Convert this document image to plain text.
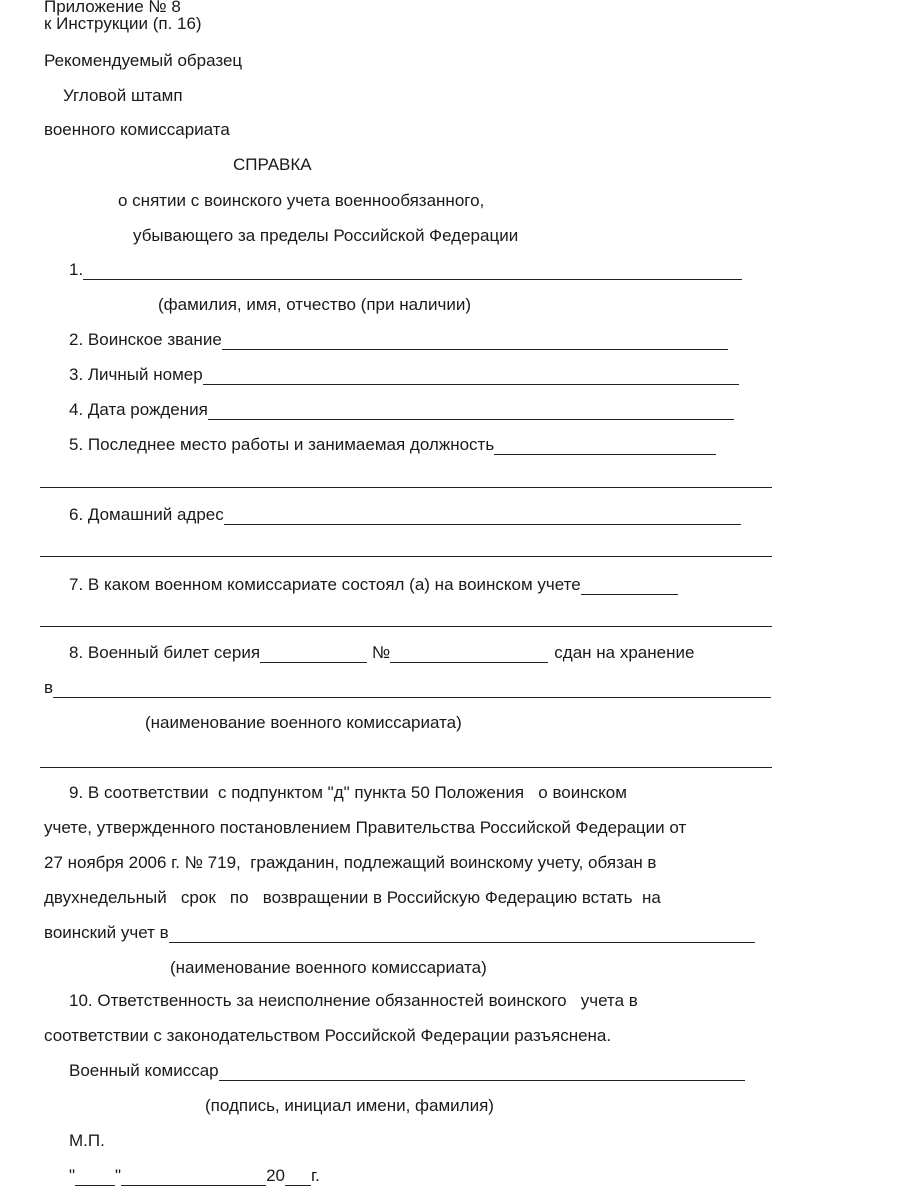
Приложение № 8
к Инструкции (п. 16)
Рекомендуемый образец
Угловой штамп
военного комиссариата
СПРАВКА
о снятии с воинского учета военнообязанного,
убывающего за пределы Российской Федерации
1.
(фамилия, имя, отчество (при наличии)
2. Воинское звание
3. Личный номер
4. Дата рождения
5. Последнее место работы и занимаемая должность
6. Домашний адрес
7. В каком военном комиссариате состоял (а) на воинском учете
8. Военный билет серия	№	сдан на хранение
в
(наименование военного комиссариата)
9. В соответствии  с подпунктом "д" пункта 50 Положения   о воинском
учете, утвержденного постановлением Правительства Российской Федерации от
27 ноября 2006 г. № 719,  гражданин, подлежащий воинскому учету, обязан в
двухнедельный   срок   по   возвращении в Российскую Федерацию встать  на
воинский учет в
(наименование военного комиссариата)
10. Ответственность за неисполнение обязанностей воинского   учета в
соответствии с законодательством Российской Федерации разъяснена.
Военный комиссар
(подпись, инициал имени, фамилия)
М.П.
" "	20 г.
